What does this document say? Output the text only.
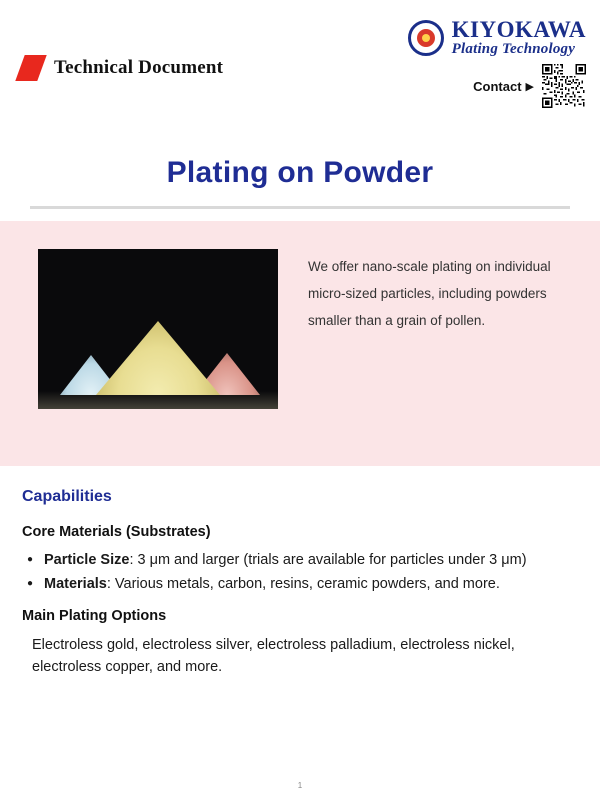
Technical Document
KIYOKAWA
Plating Technology
Contact ▶
Plating on Powder
We offer nano-scale plating on individual micro-sized particles, including powders smaller than a grain of pollen.
Capabilities
Core Materials (Substrates)
● Particle Size: 3 μm and larger (trials are available for particles under 3 μm)
● Materials: Various metals, carbon, resins, ceramic powders, and more.
Main Plating Options

Electroless gold, electroless silver, electroless palladium, electroless nickel, electroless copper, and more.

1
